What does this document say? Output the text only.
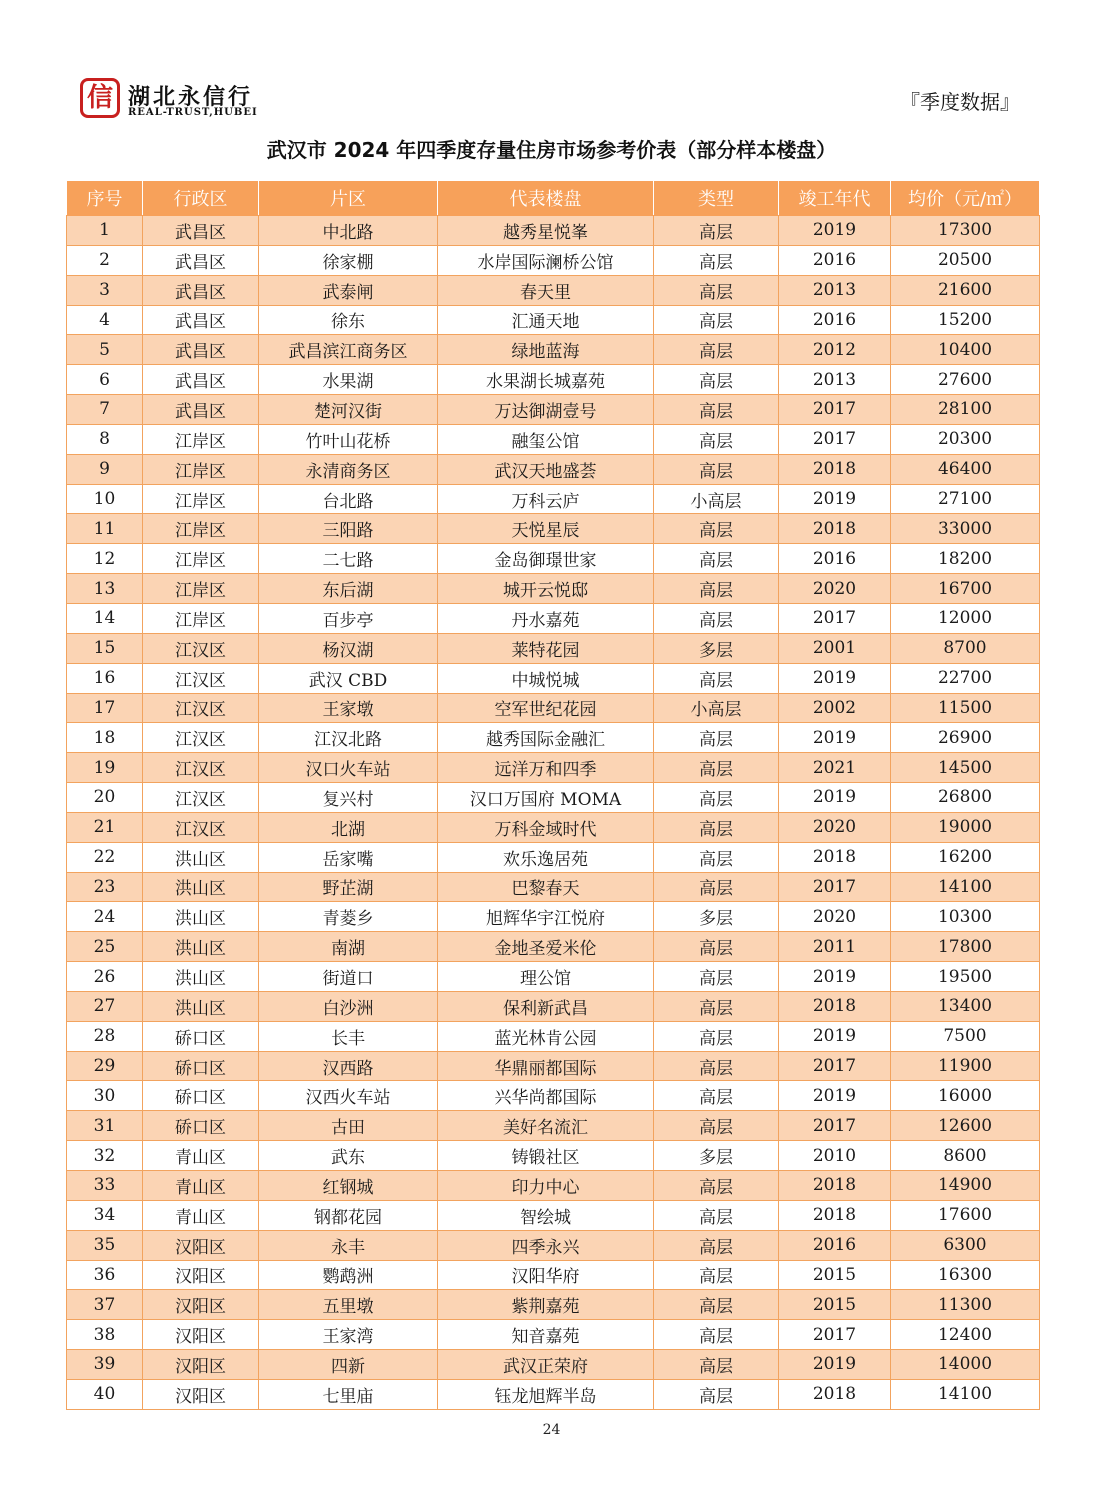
信 湖北永信行
REAL-TRUST,HUBEI	『季度数据』
武汉市 2024 年四季度存量住房市场参考价表（部分样本楼盘）
序号	行政区	片区	代表楼盘	类型	竣工年代	均价（元/㎡）
1	武昌区	中北路	越秀星悦峯	高层	2019	17300
2	武昌区	徐家棚	水岸国际澜桥公馆	高层	2016	20500
3	武昌区	武泰闸	春天里	高层	2013	21600
4	武昌区	徐东	汇通天地	高层	2016	15200
5	武昌区	武昌滨江商务区	绿地蓝海	高层	2012	10400
6	武昌区	水果湖	水果湖长城嘉苑	高层	2013	27600
7	武昌区	楚河汉街	万达御湖壹号	高层	2017	28100
8	江岸区	竹叶山花桥	融玺公馆	高层	2017	20300
9	江岸区	永清商务区	武汉天地盛荟	高层	2018	46400
10	江岸区	台北路	万科云庐	小高层	2019	27100
11	江岸区	三阳路	天悦星辰	高层	2018	33000
12	江岸区	二七路	金岛御璟世家	高层	2016	18200
13	江岸区	东后湖	城开云悦邸	高层	2020	16700
14	江岸区	百步亭	丹水嘉苑	高层	2017	12000
15	江汉区	杨汉湖	莱特花园	多层	2001	8700
16	江汉区	武汉 CBD	中城悦城	高层	2019	22700
17	江汉区	王家墩	空军世纪花园	小高层	2002	11500
18	江汉区	江汉北路	越秀国际金融汇	高层	2019	26900
19	江汉区	汉口火车站	远洋万和四季	高层	2021	14500
20	江汉区	复兴村	汉口万国府 MOMA	高层	2019	26800
21	江汉区	北湖	万科金域时代	高层	2020	19000
22	洪山区	岳家嘴	欢乐逸居苑	高层	2018	16200
23	洪山区	野芷湖	巴黎春天	高层	2017	14100
24	洪山区	青菱乡	旭辉华宇江悦府	多层	2020	10300
25	洪山区	南湖	金地圣爱米伦	高层	2011	17800
26	洪山区	街道口	理公馆	高层	2019	19500
27	洪山区	白沙洲	保利新武昌	高层	2018	13400
28	硚口区	长丰	蓝光林肯公园	高层	2019	7500
29	硚口区	汉西路	华鼎丽都国际	高层	2017	11900
30	硚口区	汉西火车站	兴华尚都国际	高层	2019	16000
31	硚口区	古田	美好名流汇	高层	2017	12600
32	青山区	武东	铸锻社区	多层	2010	8600
33	青山区	红钢城	印力中心	高层	2018	14900
34	青山区	钢都花园	智绘城	高层	2018	17600
35	汉阳区	永丰	四季永兴	高层	2016	6300
36	汉阳区	鹦鹉洲	汉阳华府	高层	2015	16300
37	汉阳区	五里墩	紫荆嘉苑	高层	2015	11300
38	汉阳区	王家湾	知音嘉苑	高层	2017	12400
39	汉阳区	四新	武汉正荣府	高层	2019	14000
40	汉阳区	七里庙	钰龙旭辉半岛	高层	2018	14100
24
